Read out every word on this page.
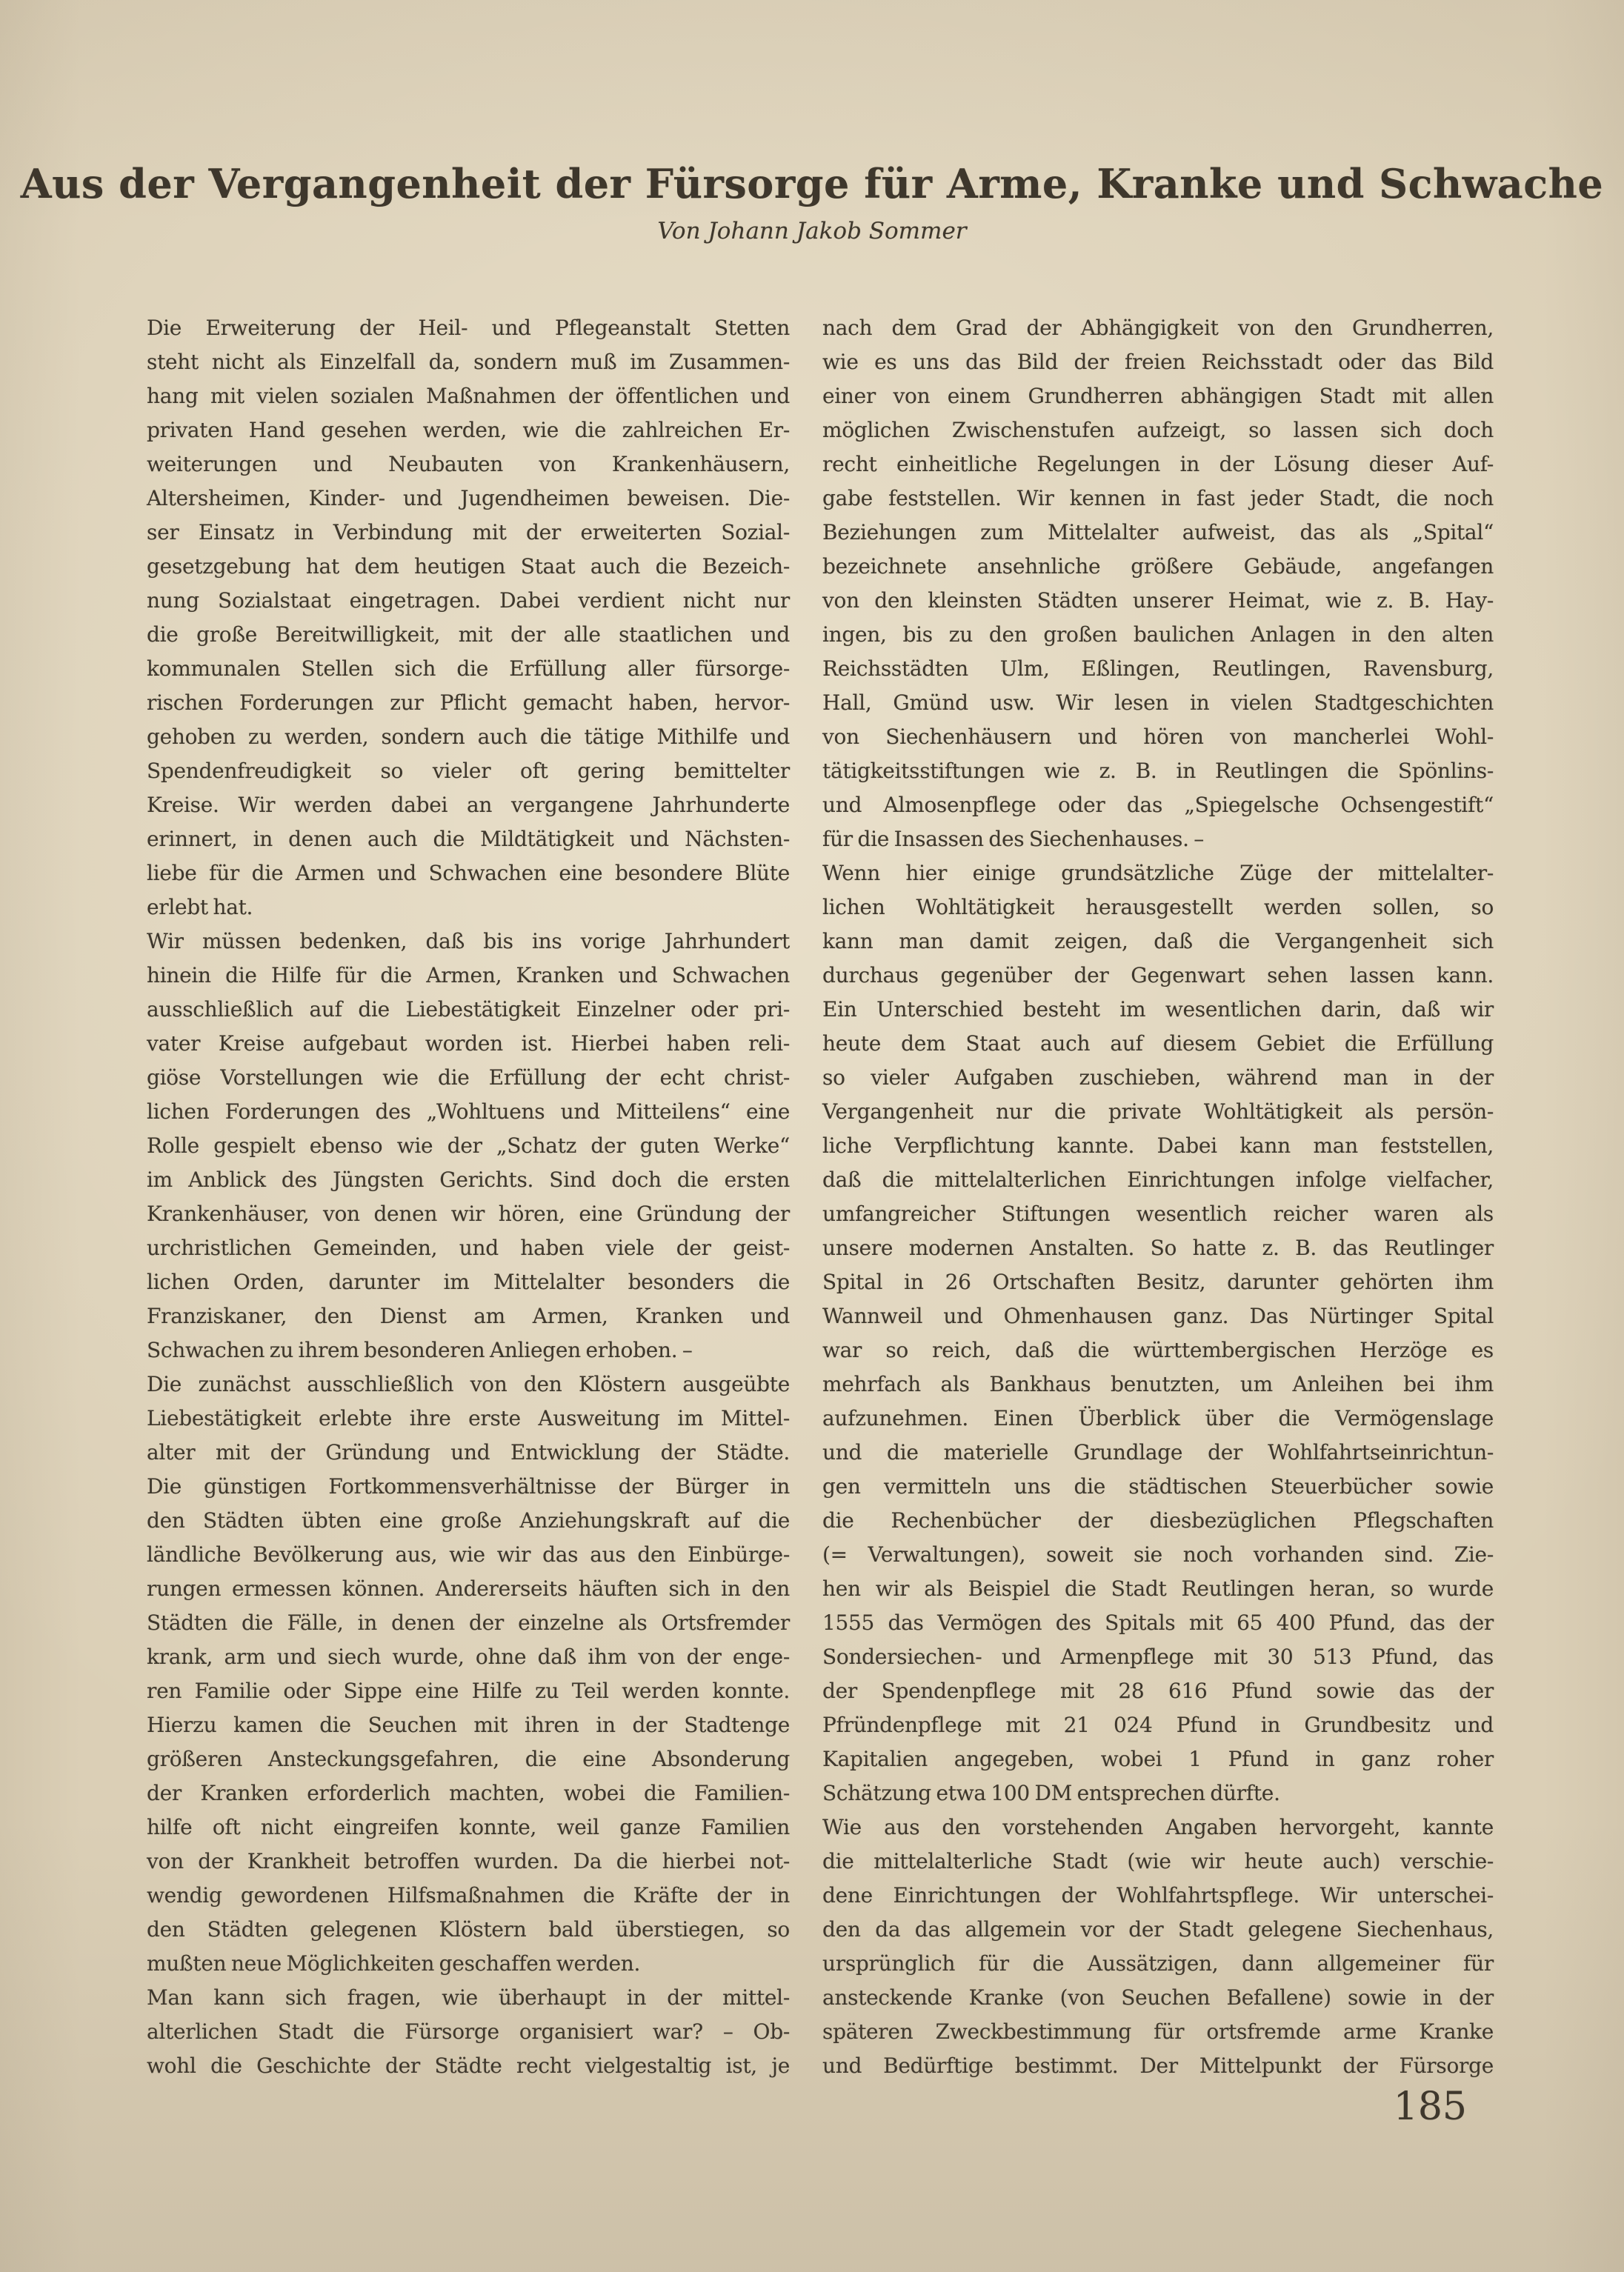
Aus der Vergangenheit der Fürsorge für Arme, Kranke und Schwache
Von Johann Jakob Sommer
Die Erweiterung der Heil- und Pflegeanstalt Stetten
steht nicht als Einzelfall da, sondern muß im Zusammen-
hang mit vielen sozialen Maßnahmen der öffentlichen und
privaten Hand gesehen werden, wie die zahlreichen Er-
weiterungen und Neubauten von Krankenhäusern,
Altersheimen, Kinder- und Jugendheimen beweisen. Die-
ser Einsatz in Verbindung mit der erweiterten Sozial-
gesetzgebung hat dem heutigen Staat auch die Bezeich-
nung Sozialstaat eingetragen. Dabei verdient nicht nur
die große Bereitwilligkeit, mit der alle staatlichen und
kommunalen Stellen sich die Erfüllung aller fürsorge-
rischen Forderungen zur Pflicht gemacht haben, hervor-
gehoben zu werden, sondern auch die tätige Mithilfe und
Spendenfreudigkeit so vieler oft gering bemittelter
Kreise. Wir werden dabei an vergangene Jahrhunderte
erinnert, in denen auch die Mildtätigkeit und Nächsten-
liebe für die Armen und Schwachen eine besondere Blüte
erlebt hat.
Wir müssen bedenken, daß bis ins vorige Jahrhundert
hinein die Hilfe für die Armen, Kranken und Schwachen
ausschließlich auf die Liebestätigkeit Einzelner oder pri-
vater Kreise aufgebaut worden ist. Hierbei haben reli-
giöse Vorstellungen wie die Erfüllung der echt christ-
lichen Forderungen des „Wohltuens und Mitteilens“ eine
Rolle gespielt ebenso wie der „Schatz der guten Werke“
im Anblick des Jüngsten Gerichts. Sind doch die ersten
Krankenhäuser, von denen wir hören, eine Gründung der
urchristlichen Gemeinden, und haben viele der geist-
lichen Orden, darunter im Mittelalter besonders die
Franziskaner, den Dienst am Armen, Kranken und
Schwachen zu ihrem besonderen Anliegen erhoben. –
Die zunächst ausschließlich von den Klöstern ausgeübte
Liebestätigkeit erlebte ihre erste Ausweitung im Mittel-
alter mit der Gründung und Entwicklung der Städte.
Die günstigen Fortkommensverhältnisse der Bürger in
den Städten übten eine große Anziehungskraft auf die
ländliche Bevölkerung aus, wie wir das aus den Einbürge-
rungen ermessen können. Andererseits häuften sich in den
Städten die Fälle, in denen der einzelne als Ortsfremder
krank, arm und siech wurde, ohne daß ihm von der enge-
ren Familie oder Sippe eine Hilfe zu Teil werden konnte.
Hierzu kamen die Seuchen mit ihren in der Stadtenge
größeren Ansteckungsgefahren, die eine Absonderung
der Kranken erforderlich machten, wobei die Familien-
hilfe oft nicht eingreifen konnte, weil ganze Familien
von der Krankheit betroffen wurden. Da die hierbei not-
wendig gewordenen Hilfsmaßnahmen die Kräfte der in
den Städten gelegenen Klöstern bald überstiegen, so
mußten neue Möglichkeiten geschaffen werden.
Man kann sich fragen, wie überhaupt in der mittel-
alterlichen Stadt die Fürsorge organisiert war? – Ob-
wohl die Geschichte der Städte recht vielgestaltig ist, je
nach dem Grad der Abhängigkeit von den Grundherren,
wie es uns das Bild der freien Reichsstadt oder das Bild
einer von einem Grundherren abhängigen Stadt mit allen
möglichen Zwischenstufen aufzeigt, so lassen sich doch
recht einheitliche Regelungen in der Lösung dieser Auf-
gabe feststellen. Wir kennen in fast jeder Stadt, die noch
Beziehungen zum Mittelalter aufweist, das als „Spital“
bezeichnete ansehnliche größere Gebäude, angefangen
von den kleinsten Städten unserer Heimat, wie z. B. Hay-
ingen, bis zu den großen baulichen Anlagen in den alten
Reichsstädten Ulm, Eßlingen, Reutlingen, Ravensburg,
Hall, Gmünd usw. Wir lesen in vielen Stadtgeschichten
von Siechenhäusern und hören von mancherlei Wohl-
tätigkeitsstiftungen wie z. B. in Reutlingen die Spönlins-
und Almosenpflege oder das „Spiegelsche Ochsengestift“
für die Insassen des Siechenhauses. –
Wenn hier einige grundsätzliche Züge der mittelalter-
lichen Wohltätigkeit herausgestellt werden sollen, so
kann man damit zeigen, daß die Vergangenheit sich
durchaus gegenüber der Gegenwart sehen lassen kann.
Ein Unterschied besteht im wesentlichen darin, daß wir
heute dem Staat auch auf diesem Gebiet die Erfüllung
so vieler Aufgaben zuschieben, während man in der
Vergangenheit nur die private Wohltätigkeit als persön-
liche Verpflichtung kannte. Dabei kann man feststellen,
daß die mittelalterlichen Einrichtungen infolge vielfacher,
umfangreicher Stiftungen wesentlich reicher waren als
unsere modernen Anstalten. So hatte z. B. das Reutlinger
Spital in 26 Ortschaften Besitz, darunter gehörten ihm
Wannweil und Ohmenhausen ganz. Das Nürtinger Spital
war so reich, daß die württembergischen Herzöge es
mehrfach als Bankhaus benutzten, um Anleihen bei ihm
aufzunehmen. Einen Überblick über die Vermögenslage
und die materielle Grundlage der Wohlfahrtseinrichtun-
gen vermitteln uns die städtischen Steuerbücher sowie
die Rechenbücher der diesbezüglichen Pflegschaften
(= Verwaltungen), soweit sie noch vorhanden sind. Zie-
hen wir als Beispiel die Stadt Reutlingen heran, so wurde
1555 das Vermögen des Spitals mit 65 400 Pfund, das der
Sondersiechen- und Armenpflege mit 30 513 Pfund, das
der Spendenpflege mit 28 616 Pfund sowie das der
Pfründenpflege mit 21 024 Pfund in Grundbesitz und
Kapitalien angegeben, wobei 1 Pfund in ganz roher
Schätzung etwa 100 DM entsprechen dürfte.
Wie aus den vorstehenden Angaben hervorgeht, kannte
die mittelalterliche Stadt (wie wir heute auch) verschie-
dene Einrichtungen der Wohlfahrtspflege. Wir unterschei-
den da das allgemein vor der Stadt gelegene Siechenhaus,
ursprünglich für die Aussätzigen, dann allgemeiner für
ansteckende Kranke (von Seuchen Befallene) sowie in der
späteren Zweckbestimmung für ortsfremde arme Kranke
und Bedürftige bestimmt. Der Mittelpunkt der Fürsorge
185
